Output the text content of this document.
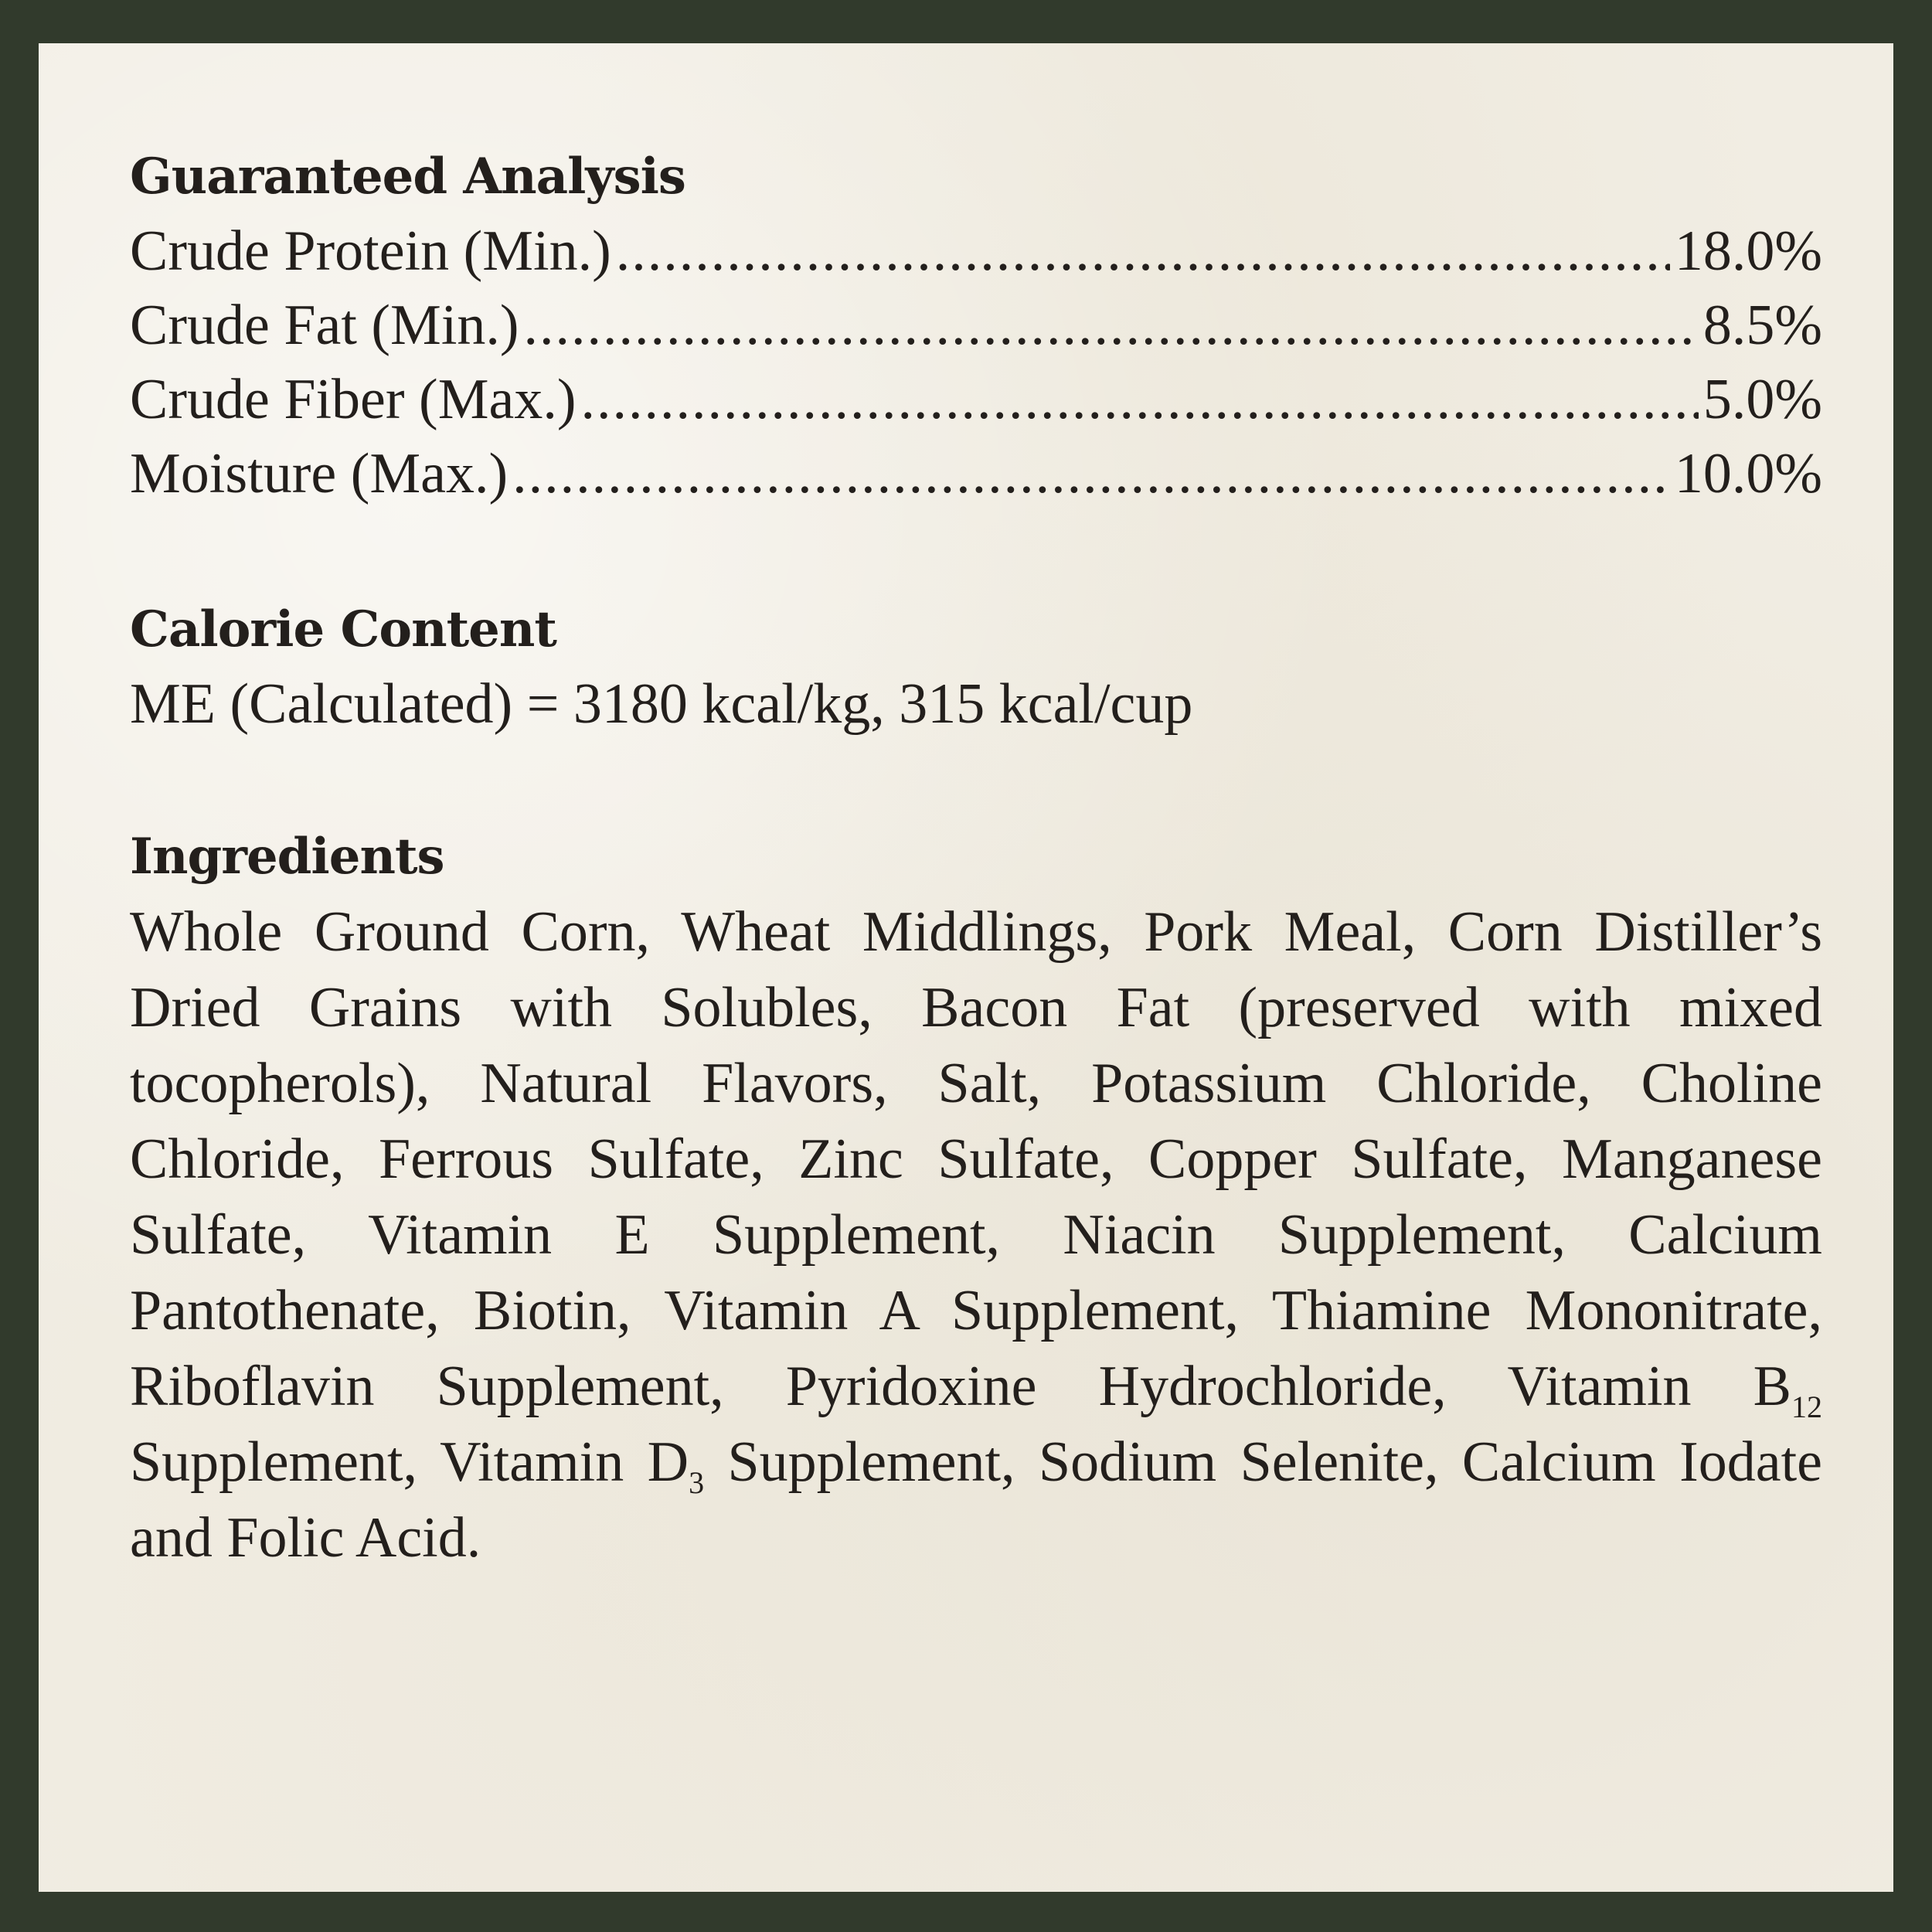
Guaranteed Analysis
Crude Protein (Min.) .....	18.0%
Crude Fat (Min.) .....	8.5%
Crude Fiber (Max.) .....	5.0%
Moisture (Max.) .....	10.0%
Calorie Content
ME (Calculated) = 3180 kcal/kg, 315 kcal/cup
Ingredients

Whole Ground Corn, Wheat Middlings, Pork Meal, Corn Distiller’s Dried Grains with Solubles, Bacon Fat (preserved with mixed tocopherols), Natural Flavors, Salt, Potassium Chloride, Choline Chloride, Ferrous Sulfate, Zinc Sulfate, Copper Sulfate, Manganese Sulfate, Vitamin E Supplement, Niacin Supplement, Calcium Pantothenate, Biotin, Vitamin A Supplement, Thiamine Mononitrate, Riboflavin Supplement, Pyridoxine Hydrochloride, Vitamin $B_{12}$ Supplement, Vitamin $D_3$ Supplement, Sodium Selenite, Calcium Iodate and Folic Acid.
